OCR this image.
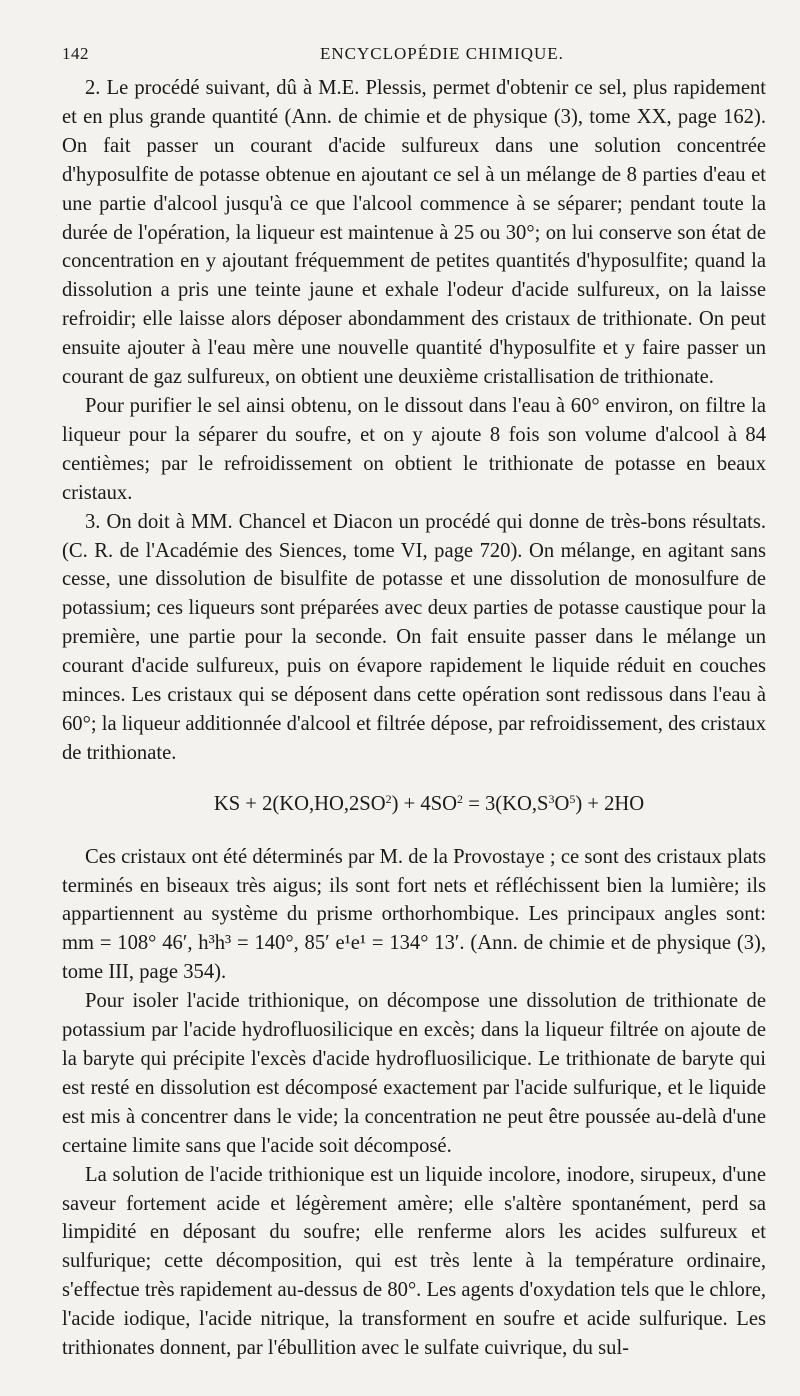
142	ENCYCLOPÉDIE CHIMIQUE.

2. Le procédé suivant, dû à M.E. Plessis, permet d'obtenir ce sel, plus rapidement et en plus grande quantité (Ann. de chimie et de physique (3), tome XX, page 162). On fait passer un courant d'acide sulfureux dans une solution concentrée d'hyposulfite de potasse obtenue en ajoutant ce sel à un mélange de 8 parties d'eau et une partie d'alcool jusqu'à ce que l'alcool commence à se séparer; pendant toute la durée de l'opération, la liqueur est maintenue à 25 ou 30°; on lui conserve son état de concentration en y ajoutant fréquemment de petites quantités d'hyposulfite; quand la dissolution a pris une teinte jaune et exhale l'odeur d'acide sulfureux, on la laisse refroidir; elle laisse alors déposer abondamment des cristaux de trithionate. On peut ensuite ajouter à l'eau mère une nouvelle quantité d'hyposulfite et y faire passer un courant de gaz sulfureux, on obtient une deuxième cristallisation de trithionate.

Pour purifier le sel ainsi obtenu, on le dissout dans l'eau à 60° environ, on filtre la liqueur pour la séparer du soufre, et on y ajoute 8 fois son volume d'alcool à 84 centièmes; par le refroidissement on obtient le trithionate de potasse en beaux cristaux.

3. On doit à MM. Chancel et Diacon un procédé qui donne de très-bons résultats. (C. R. de l'Académie des Siences, tome VI, page 720). On mélange, en agitant sans cesse, une dissolution de bisulfite de potasse et une dissolution de monosulfure de potassium; ces liqueurs sont préparées avec deux parties de potasse caustique pour la première, une partie pour la seconde. On fait ensuite passer dans le mélange un courant d'acide sulfureux, puis on évapore rapidement le liquide réduit en couches minces. Les cristaux qui se déposent dans cette opération sont redissous dans l'eau à 60°; la liqueur additionnée d'alcool et filtrée dépose, par refroidissement, des cristaux de trithionate.

KS + $2(KO,HO,2SO^2) + 4SO^2 = 3(KO,S^3O^5) + 2HO$

Ces cristaux ont été déterminés par M. de la Provostaye ; ce sont des cristaux plats terminés en biseaux très aigus; ils sont fort nets et réfléchissent bien la lumière; ils appartiennent au système du prisme orthorhombique. Les principaux angles sont: mm = 108° 46′, h³h³ = 140°, 85′ e¹e¹ = 134° 13′. (Ann. de chimie et de physique (3), tome III, page 354).

Pour isoler l'acide trithionique, on décompose une dissolution de trithionate de potassium par l'acide hydrofluosilicique en excès; dans la liqueur filtrée on ajoute de la baryte qui précipite l'excès d'acide hydrofluosilicique. Le trithionate de baryte qui est resté en dissolution est décomposé exactement par l'acide sulfurique, et le liquide est mis à concentrer dans le vide; la concentration ne peut être poussée au-delà d'une certaine limite sans que l'acide soit décomposé.

La solution de l'acide trithionique est un liquide incolore, inodore, sirupeux, d'une saveur fortement acide et légèrement amère; elle s'altère spontanément, perd sa limpidité en déposant du soufre; elle renferme alors les acides sulfureux et sulfurique; cette décomposition, qui est très lente à la température ordinaire, s'effectue très rapidement au-dessus de 80°. Les agents d'oxydation tels que le chlore, l'acide iodique, l'acide nitrique, la transforment en soufre et acide sulfurique. Les trithionates donnent, par l'ébullition avec le sulfate cuivrique, du sul-
